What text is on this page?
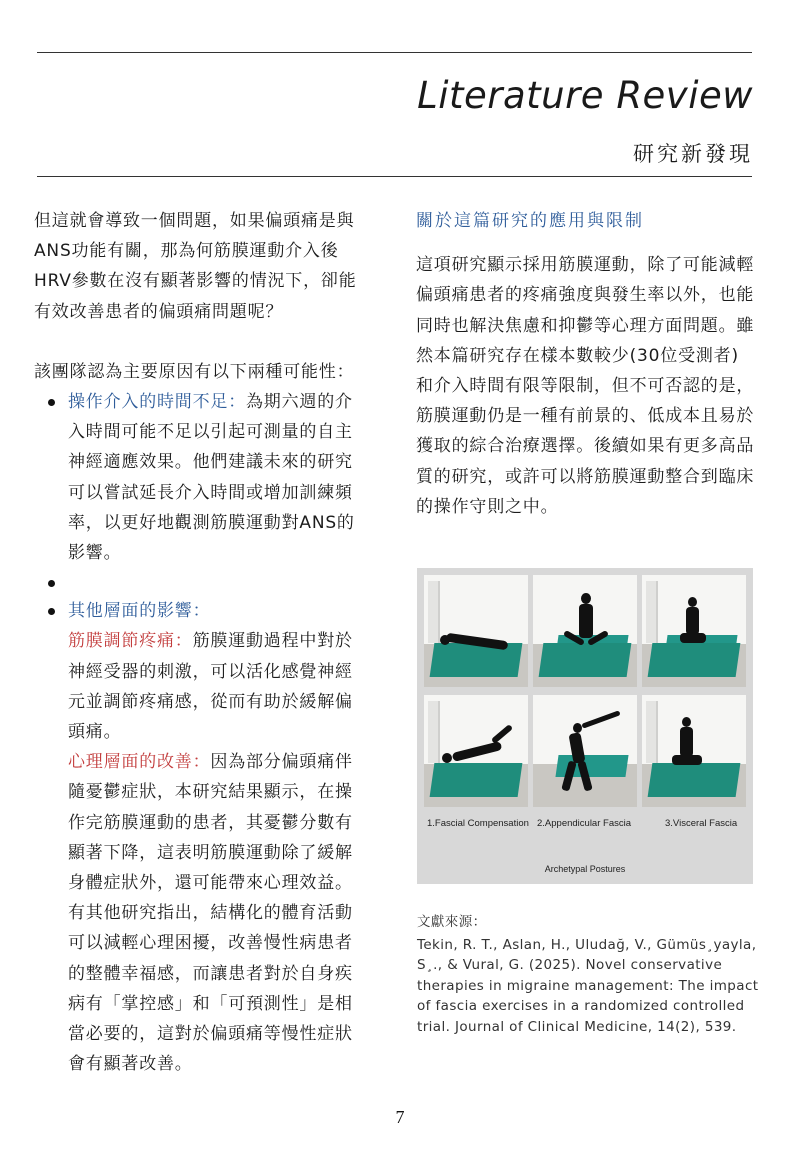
Literature Review
研究新發現

但這就會導致一個問題，如果偏頭痛是與ANS功能有關，那為何筋膜運動介入後HRV參數在沒有顯著影響的情況下，卻能有效改善患者的偏頭痛問題呢？

該團隊認為主要原因有以下兩種可能性：

操作介入的時間不足：為期六週的介入時間可能不足以引起可測量的自主神經適應效果。他們建議未來的研究可以嘗試延長介入時間或增加訓練頻率，以更好地觀測筋膜運動對ANS的影響。
其他層面的影響：
筋膜調節疼痛：筋膜運動過程中對於神經受器的刺激，可以活化感覺神經元並調節疼痛感，從而有助於緩解偏頭痛。
心理層面的改善：因為部分偏頭痛伴隨憂鬱症狀，本研究結果顯示，在操作完筋膜運動的患者，其憂鬱分數有顯著下降，這表明筋膜運動除了緩解身體症狀外，還可能帶來心理效益。有其他研究指出，結構化的體育活動可以減輕心理困擾，改善慢性病患者的整體幸福感，而讓患者對於自身疾病有「掌控感」和「可預測性」是相當必要的，這對於偏頭痛等慢性症狀會有顯著改善。

關於這篇研究的應用與限制

這項研究顯示採用筋膜運動，除了可能減輕偏頭痛患者的疼痛強度與發生率以外，也能同時也解決焦慮和抑鬱等心理方面問題。雖然本篇研究存在樣本數較少(30位受測者)和介入時間有限等限制，但不可否認的是，筋膜運動仍是一種有前景的、低成本且易於獲取的綜合治療選擇。後續如果有更多高品質的研究，或許可以將筋膜運動整合到臨床的操作守則之中。

1.Fascial Compensation 2.Appendicular Fascia	3.Visceral Fascia
Archetypal Postures
文獻來源：
Tekin, R. T., Aslan, H., Uludağ, V., Gümüs¸yayla, S¸., & Vural, G. (2025). Novel conservative therapies in migraine management: The impact of fascia exercises in a randomized controlled trial. Journal of Clinical Medicine, 14(2), 539.
7
